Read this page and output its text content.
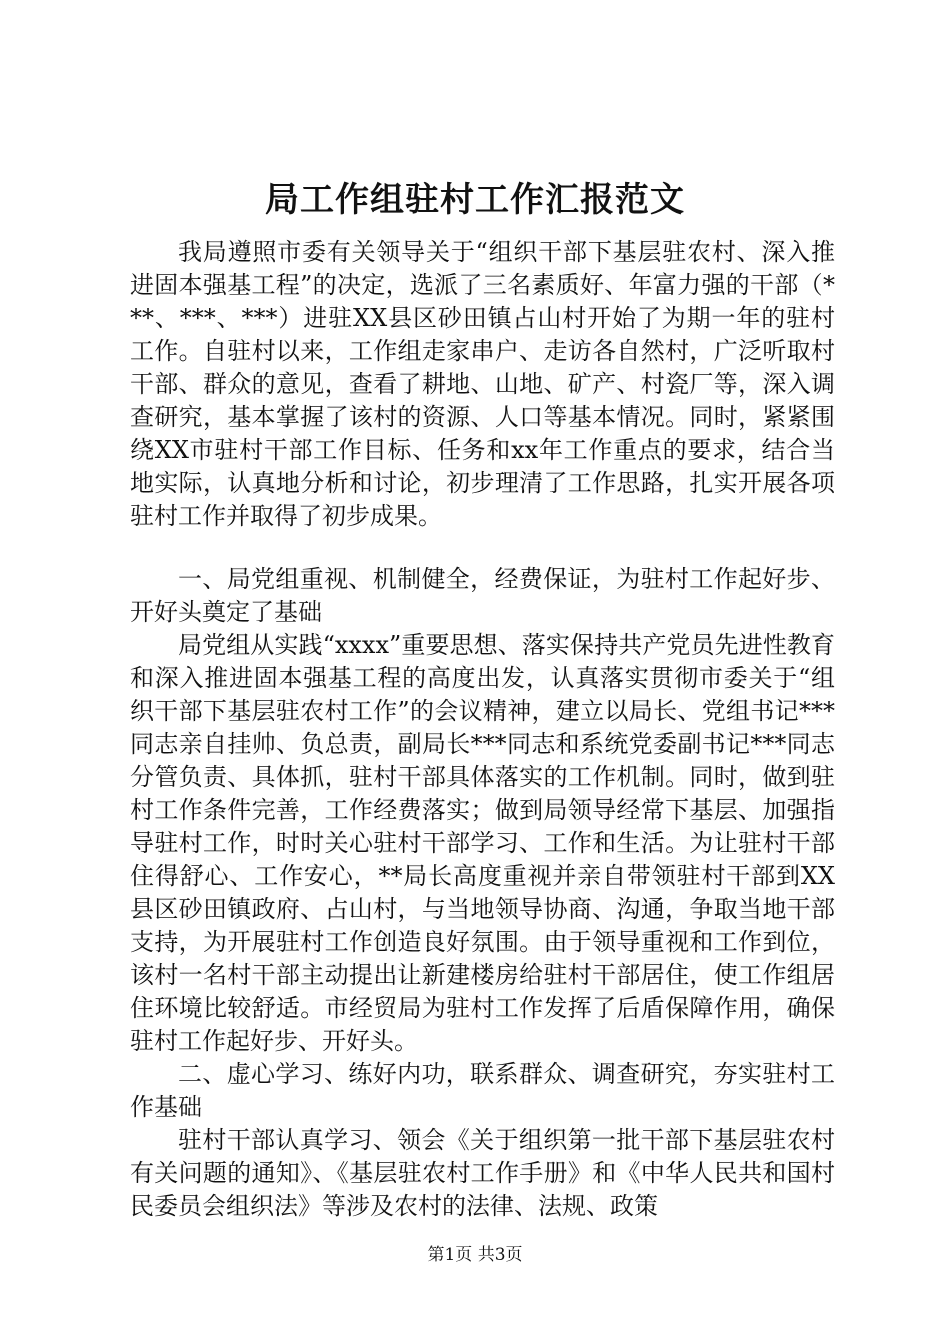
局工作组驻村工作汇报范文

我局遵照市委有关领导关于“组织干部下基层驻农村、深入推进固本强基工程”的决定，选派了三名素质好、年富力强的干部（***、***、***）进驻XX县区砂田镇占山村开始了为期一年的驻村工作。自驻村以来，工作组走家串户、走访各自然村，广泛听取村干部、群众的意见，查看了耕地、山地、矿产、村瓷厂等，深入调查研究，基本掌握了该村的资源、人口等基本情况。同时，紧紧围绕XX市驻村干部工作目标、任务和xx年工作重点的要求，结合当地实际，认真地分析和讨论，初步理清了工作思路，扎实开展各项驻村工作并取得了初步成果。

一、局党组重视、机制健全，经费保证，为驻村工作起好步、开好头奠定了基础

局党组从实践“xxxx”重要思想、落实保持共产党员先进性教育和深入推进固本强基工程的高度出发，认真落实贯彻市委关于“组织干部下基层驻农村工作”的会议精神，建立以局长、党组书记***同志亲自挂帅、负总责，副局长***同志和系统党委副书记***同志分管负责、具体抓，驻村干部具体落实的工作机制。同时，做到驻村工作条件完善，工作经费落实；做到局领导经常下基层、加强指导驻村工作，时时关心驻村干部学习、工作和生活。为让驻村干部住得舒心、工作安心，**局长高度重视并亲自带领驻村干部到XX县区砂田镇政府、占山村，与当地领导协商、沟通，争取当地干部支持，为开展驻村工作创造良好氛围。由于领导重视和工作到位，该村一名村干部主动提出让新建楼房给驻村干部居住，使工作组居住环境比较舒适。市经贸局为驻村工作发挥了后盾保障作用，确保驻村工作起好步、开好头。

二、虚心学习、练好内功，联系群众、调查研究，夯实驻村工作基础

驻村干部认真学习、领会《关于组织第一批干部下基层驻农村有关问题的通知》、《基层驻农村工作手册》和《中华人民共和国村民委员会组织法》等涉及农村的法律、法规、政策

第1页 共3页
